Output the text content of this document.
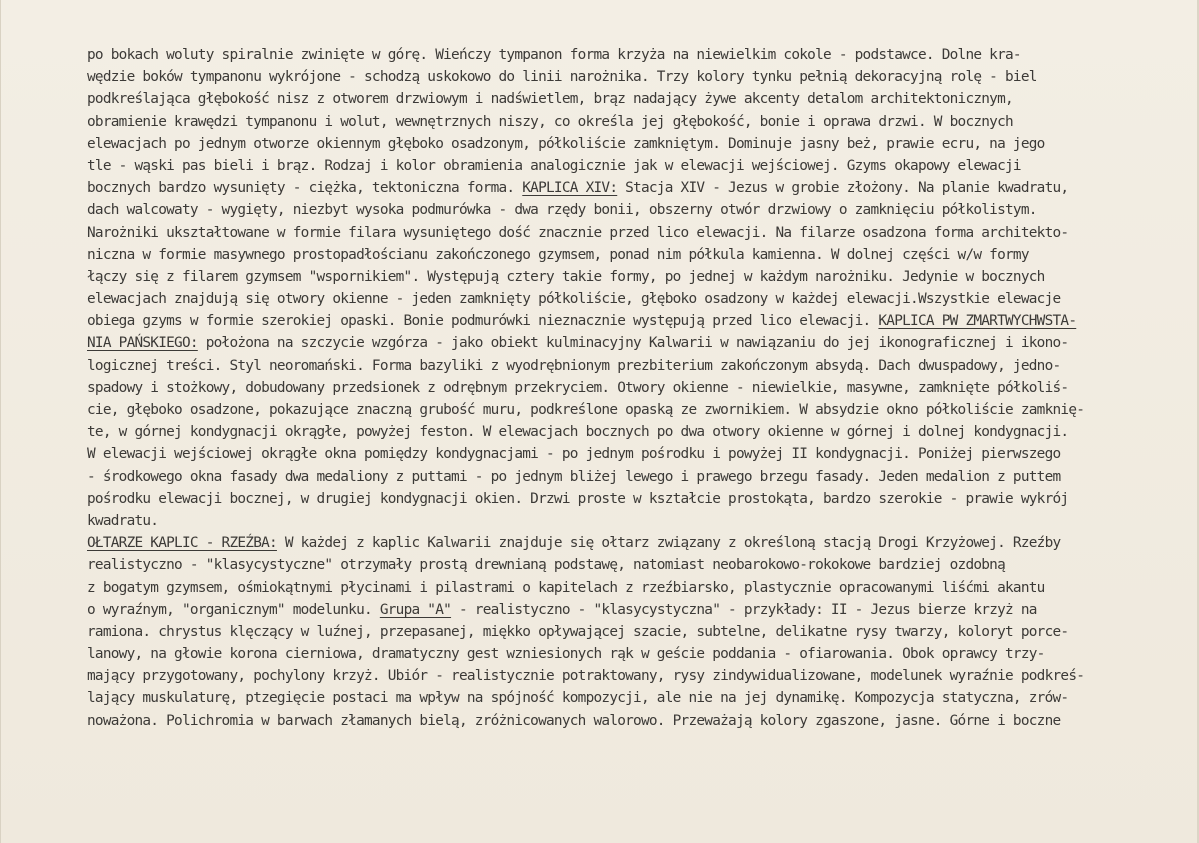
po bokach woluty spiralnie zwinięte w górę. Wieńczy tympanon forma krzyża na niewielkim cokole - podstawce. Dolne kra-
wędzie boków tympanonu wykrójone - schodzą uskokowo do linii narożnika. Trzy kolory tynku pełnią dekoracyjną rolę - biel
podkreślająca głębokość nisz z otworem drzwiowym i nadświetlem, brąz nadający żywe akcenty detalom architektonicznym,
obramienie krawędzi tympanonu i wolut, wewnętrznych niszy, co określa jej głębokość, bonie i oprawa drzwi. W bocznych
elewacjach po jednym otworze okiennym głęboko osadzonym, półkoliście zamkniętym. Dominuje jasny beż, prawie ecru, na jego
tle - wąski pas bieli i brąz. Rodzaj i kolor obramienia analogicznie jak w elewacji wejściowej. Gzyms okapowy elewacji
bocznych bardzo wysunięty - ciężka, tektoniczna forma. KAPLICA XIV: Stacja XIV - Jezus w grobie złożony. Na planie kwadratu,
dach walcowaty - wygięty, niezbyt wysoka podmurówka - dwa rzędy bonii, obszerny otwór drzwiowy o zamknięciu półkolistym.
Narożniki ukształtowane w formie filara wysuniętego dość znacznie przed lico elewacji. Na filarze osadzona forma architekto-
niczna w formie masywnego prostopadłościanu zakończonego gzymsem, ponad nim półkula kamienna. W dolnej części w/w formy
łączy się z filarem gzymsem "wspornikiem". Występują cztery takie formy, po jednej w każdym narożniku. Jedynie w bocznych
elewacjach znajdują się otwory okienne - jeden zamknięty półkoliście, głęboko osadzony w każdej elewacji.Wszystkie elewacje
obiega gzyms w formie szerokiej opaski. Bonie podmurówki nieznacznie występują przed lico elewacji. KAPLICA PW ZMARTWYCHWSTA-
NIA PAŃSKIEGO: położona na szczycie wzgórza - jako obiekt kulminacyjny Kalwarii w nawiązaniu do jej ikonograficznej i ikono-
logicznej treści. Styl neoromański. Forma bazyliki z wyodrębnionym prezbiterium zakończonym absydą. Dach dwuspadowy, jedno-
spadowy i stożkowy, dobudowany przedsionek z odrębnym przekryciem. Otwory okienne - niewielkie, masywne, zamknięte półkoliś-
cie, głęboko osadzone, pokazujące znaczną grubość muru, podkreślone opaską ze zwornikiem. W absydzie okno półkoliście zamknię-
te, w górnej kondygnacji okrągłe, powyżej feston. W elewacjach bocznych po dwa otwory okienne w górnej i dolnej kondygnacji.
W elewacji wejściowej okrągłe okna pomiędzy kondygnacjami - po jednym pośrodku i powyżej II kondygnacji. Poniżej pierwszego
- środkowego okna fasady dwa medaliony z puttami - po jednym bliżej lewego i prawego brzegu fasady. Jeden medalion z puttem
pośrodku elewacji bocznej, w drugiej kondygnacji okien. Drzwi proste w kształcie prostokąta, bardzo szerokie - prawie wykrój
kwadratu.
OŁTARZE KAPLIC - RZEŹBA: W każdej z kaplic Kalwarii znajduje się ołtarz związany z określoną stacją Drogi Krzyżowej. Rzeźby
realistyczno - "klasycystyczne" otrzymały prostą drewnianą podstawę, natomiast neobarokowo-rokokowe bardziej ozdobną
z bogatym gzymsem, ośmiokątnymi płycinami i pilastrami o kapitelach z rzeźbiarsko, plastycznie opracowanymi liśćmi akantu
o wyraźnym, "organicznym" modelunku. Grupa "A" - realistyczno - "klasycystyczna" - przykłady: II - Jezus bierze krzyż na
ramiona. chrystus klęczący w luźnej, przepasanej, miękko opływającej szacie, subtelne, delikatne rysy twarzy, koloryt porce-
lanowy, na głowie korona cierniowa, dramatyczny gest wzniesionych rąk w geście poddania - ofiarowania. Obok oprawcy trzy-
mający przygotowany, pochylony krzyż. Ubiór - realistycznie potraktowany, rysy zindywidualizowane, modelunek wyraźnie podkreś-
lający muskulaturę, ptzegięcie postaci ma wpływ na spójność kompozycji, ale nie na jej dynamikę. Kompozycja statyczna, zrów-
noważona. Polichromia w barwach złamanych bielą, zróżnicowanych walorowo. Przeważają kolory zgaszone, jasne. Górne i boczne
